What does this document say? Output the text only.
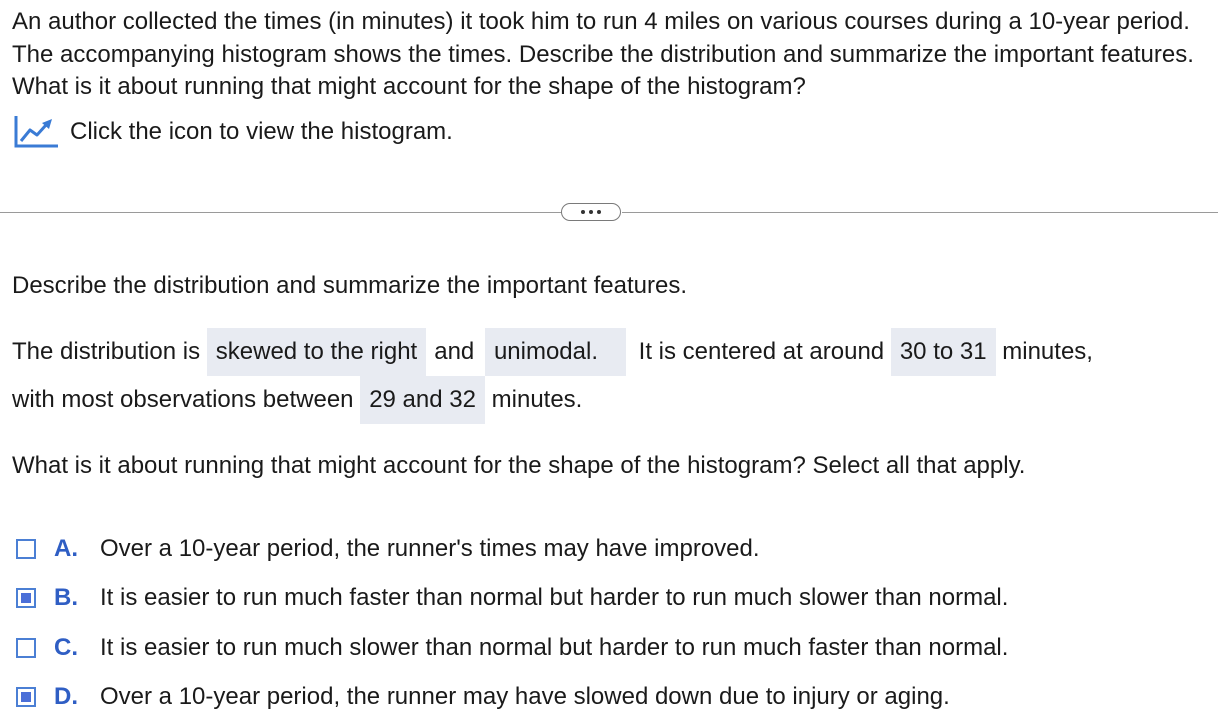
An author collected the times (in minutes) it took him to run 4 miles on various courses during a 10-year period. The accompanying histogram shows the times. Describe the distribution and summarize the important features. What is it about running that might account for the shape of the histogram?
Click the icon to view the histogram.
Describe the distribution and summarize the important features.
The distribution is skewed to the right and unimodal. It is centered at around 30 to 31 minutes,
with most observations between 29 and 32 minutes.
What is it about running that might account for the shape of the histogram? Select all that apply.
A. Over a 10-year period, the runner's times may have improved.
B. It is easier to run much faster than normal but harder to run much slower than normal.
C. It is easier to run much slower than normal but harder to run much faster than normal.
D. Over a 10-year period, the runner may have slowed down due to injury or aging.
